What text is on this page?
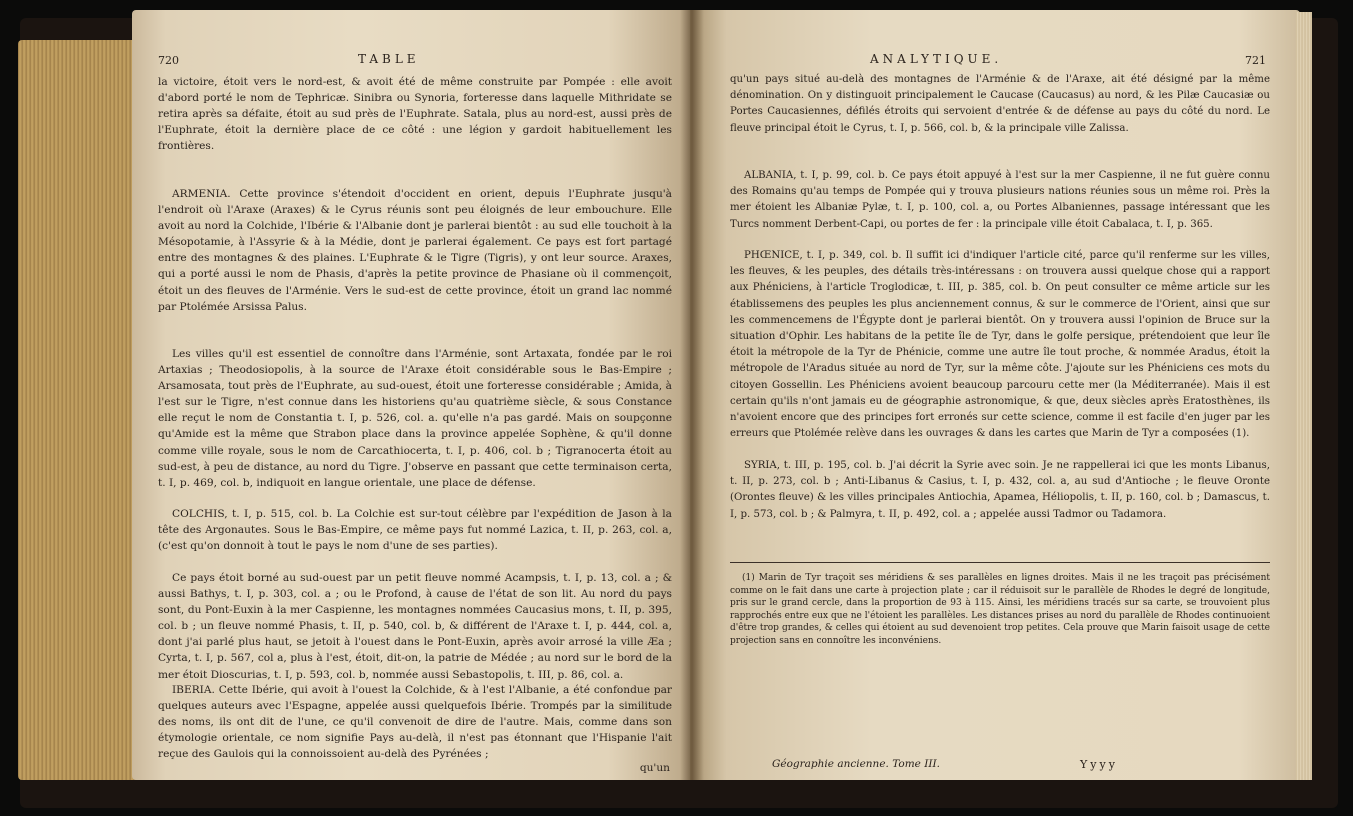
720	TABLE

la victoire, étoit vers le nord-est, & avoit été de même construite par Pompée : elle avoit d'abord porté le nom de Tephricæ. Sinibra ou Synoria, forteresse dans laquelle Mithridate se retira après sa défaite, étoit au sud près de l'Euphrate. Satala, plus au nord-est, aussi près de l'Euphrate, étoit la dernière place de ce côté : une légion y gardoit habituellement les frontières.

ARMENIA. Cette province s'étendoit d'occident en orient, depuis l'Euphrate jusqu'à l'endroit où l'Araxe (Araxes) & le Cyrus réunis sont peu éloignés de leur embouchure. Elle avoit au nord la Colchide, l'Ibérie & l'Albanie dont je parlerai bientôt : au sud elle touchoit à la Mésopotamie, à l'Assyrie & à la Médie, dont je parlerai également. Ce pays est fort partagé entre des montagnes & des plaines. L'Euphrate & le Tigre (Tigris), y ont leur source. Araxes, qui a porté aussi le nom de Phasis, d'après la petite province de Phasiane où il commençoit, étoit un des fleuves de l'Arménie. Vers le sud-est de cette province, étoit un grand lac nommé par Ptolémée Arsissa Palus.

Les villes qu'il est essentiel de connoître dans l'Arménie, sont Artaxata, fondée par le roi Artaxias ; Theodosiopolis, à la source de l'Araxe étoit considérable sous le Bas-Empire ; Arsamosata, tout près de l'Euphrate, au sud-ouest, étoit une forteresse considérable ; Amida, à l'est sur le Tigre, n'est connue dans les historiens qu'au quatrième siècle, & sous Constance elle reçut le nom de Constantia t. I, p. 526, col. a. qu'elle n'a pas gardé. Mais on soupçonne qu'Amide est la même que Strabon place dans la province appelée Sophène, & qu'il donne comme ville royale, sous le nom de Carcathiocerta, t. I, p. 406, col. b ; Tigranocerta étoit au sud-est, à peu de distance, au nord du Tigre. J'observe en passant que cette terminaison certa, t. I, p. 469, col. b, indiquoit en langue orientale, une place de défense.

COLCHIS, t. I, p. 515, col. b. La Colchie est sur-tout célèbre par l'expédition de Jason à la tête des Argonautes. Sous le Bas-Empire, ce même pays fut nommé Lazica, t. II, p. 263, col. a, (c'est qu'on donnoit à tout le pays le nom d'une de ses parties).

Ce pays étoit borné au sud-ouest par un petit fleuve nommé Acampsis, t. I, p. 13, col. a ; & aussi Bathys, t. I, p. 303, col. a ; ou le Profond, à cause de l'état de son lit. Au nord du pays sont, du Pont-Euxin à la mer Caspienne, les montagnes nommées Caucasius mons, t. II, p. 395, col. b ; un fleuve nommé Phasis, t. II, p. 540, col. b, & différent de l'Araxe t. I, p. 444, col. a, dont j'ai parlé plus haut, se jetoit à l'ouest dans le Pont-Euxin, après avoir arrosé la ville Æa ; Cyrta, t. I, p. 567, col a, plus à l'est, étoit, dit-on, la patrie de Médée ; au nord sur le bord de la mer étoit Dioscurias, t. I, p. 593, col. b, nommée aussi Sebastopolis, t. III, p. 86, col. a.

IBERIA. Cette Ibérie, qui avoit à l'ouest la Colchide, & à l'est l'Albanie, a été confondue par quelques auteurs avec l'Espagne, appelée aussi quelquefois Ibérie. Trompés par la similitude des noms, ils ont dit de l'une, ce qu'il convenoit de dire de l'autre. Mais, comme dans son étymologie orientale, ce nom signifie Pays au-delà, il n'est pas étonnant que l'Hispanie l'ait reçue des Gaulois qui la connoissoient au-delà des Pyrénées ;

qu'un
ANALYTIQUE.	721

qu'un pays situé au-delà des montagnes de l'Arménie & de l'Araxe, ait été désigné par la même dénomination. On y distinguoit principalement le Caucase (Caucasus) au nord, & les Pilæ Caucasiæ ou Portes Caucasiennes, défilés étroits qui servoient d'entrée & de défense au pays du côté du nord. Le fleuve principal étoit le Cyrus, t. I, p. 566, col. b, & la principale ville Zalissa.

ALBANIA, t. I, p. 99, col. b. Ce pays étoit appuyé à l'est sur la mer Caspienne, il ne fut guère connu des Romains qu'au temps de Pompée qui y trouva plusieurs nations réunies sous un même roi. Près la mer étoient les Albaniæ Pylæ, t. I, p. 100, col. a, ou Portes Albaniennes, passage intéressant que les Turcs nomment Derbent-Capi, ou portes de fer : la principale ville étoit Cabalaca, t. I, p. 365.

PHŒNICE, t. I, p. 349, col. b. Il suffit ici d'indiquer l'article cité, parce qu'il renferme sur les villes, les fleuves, & les peuples, des détails très-intéressans : on trouvera aussi quelque chose qui a rapport aux Phéniciens, à l'article Troglodicæ, t. III, p. 385, col. b. On peut consulter ce même article sur les établissemens des peuples les plus anciennement connus, & sur le commerce de l'Orient, ainsi que sur les commencemens de l'Égypte dont je parlerai bientôt. On y trouvera aussi l'opinion de Bruce sur la situation d'Ophir. Les habitans de la petite île de Tyr, dans le golfe persique, prétendoient que leur île étoit la métropole de la Tyr de Phénicie, comme une autre île tout proche, & nommée Aradus, étoit la métropole de l'Aradus située au nord de Tyr, sur la même côte. J'ajoute sur les Phéniciens ces mots du citoyen Gossellin. Les Phéniciens avoient beaucoup parcouru cette mer (la Méditerranée). Mais il est certain qu'ils n'ont jamais eu de géographie astronomique, & que, deux siècles après Eratosthènes, ils n'avoient encore que des principes fort erronés sur cette science, comme il est facile d'en juger par les erreurs que Ptolémée relève dans les ouvrages & dans les cartes que Marin de Tyr a composées (1).

SYRIA, t. III, p. 195, col. b. J'ai décrit la Syrie avec soin. Je ne rappellerai ici que les monts Libanus, t. II, p. 273, col. b ; Anti-Libanus & Casius, t. I, p. 432, col. a, au sud d'Antioche ; le fleuve Oronte (Orontes fleuve) & les villes principales Antiochia, Apamea, Héliopolis, t. II, p. 160, col. b ; Damascus, t. I, p. 573, col. b ; & Palmyra, t. II, p. 492, col. a ; appelée aussi Tadmor ou Tadamora.

(1) Marin de Tyr traçoit ses méridiens & ses parallèles en lignes droites. Mais il ne les traçoit pas précisément comme on le fait dans une carte à projection plate ; car il réduisoit sur le parallèle de Rhodes le degré de longitude, pris sur le grand cercle, dans la proportion de 93 à 115. Ainsi, les méridiens tracés sur sa carte, se trouvoient plus rapprochés entre eux que ne l'étoient les parallèles. Les distances prises au nord du parallèle de Rhodes continuoient d'être trop grandes, & celles qui étoient au sud devenoient trop petites. Cela prouve que Marin faisoit usage de cette projection sans en connoître les inconvéniens.

Géographie ancienne. Tome III.	Yyyy
